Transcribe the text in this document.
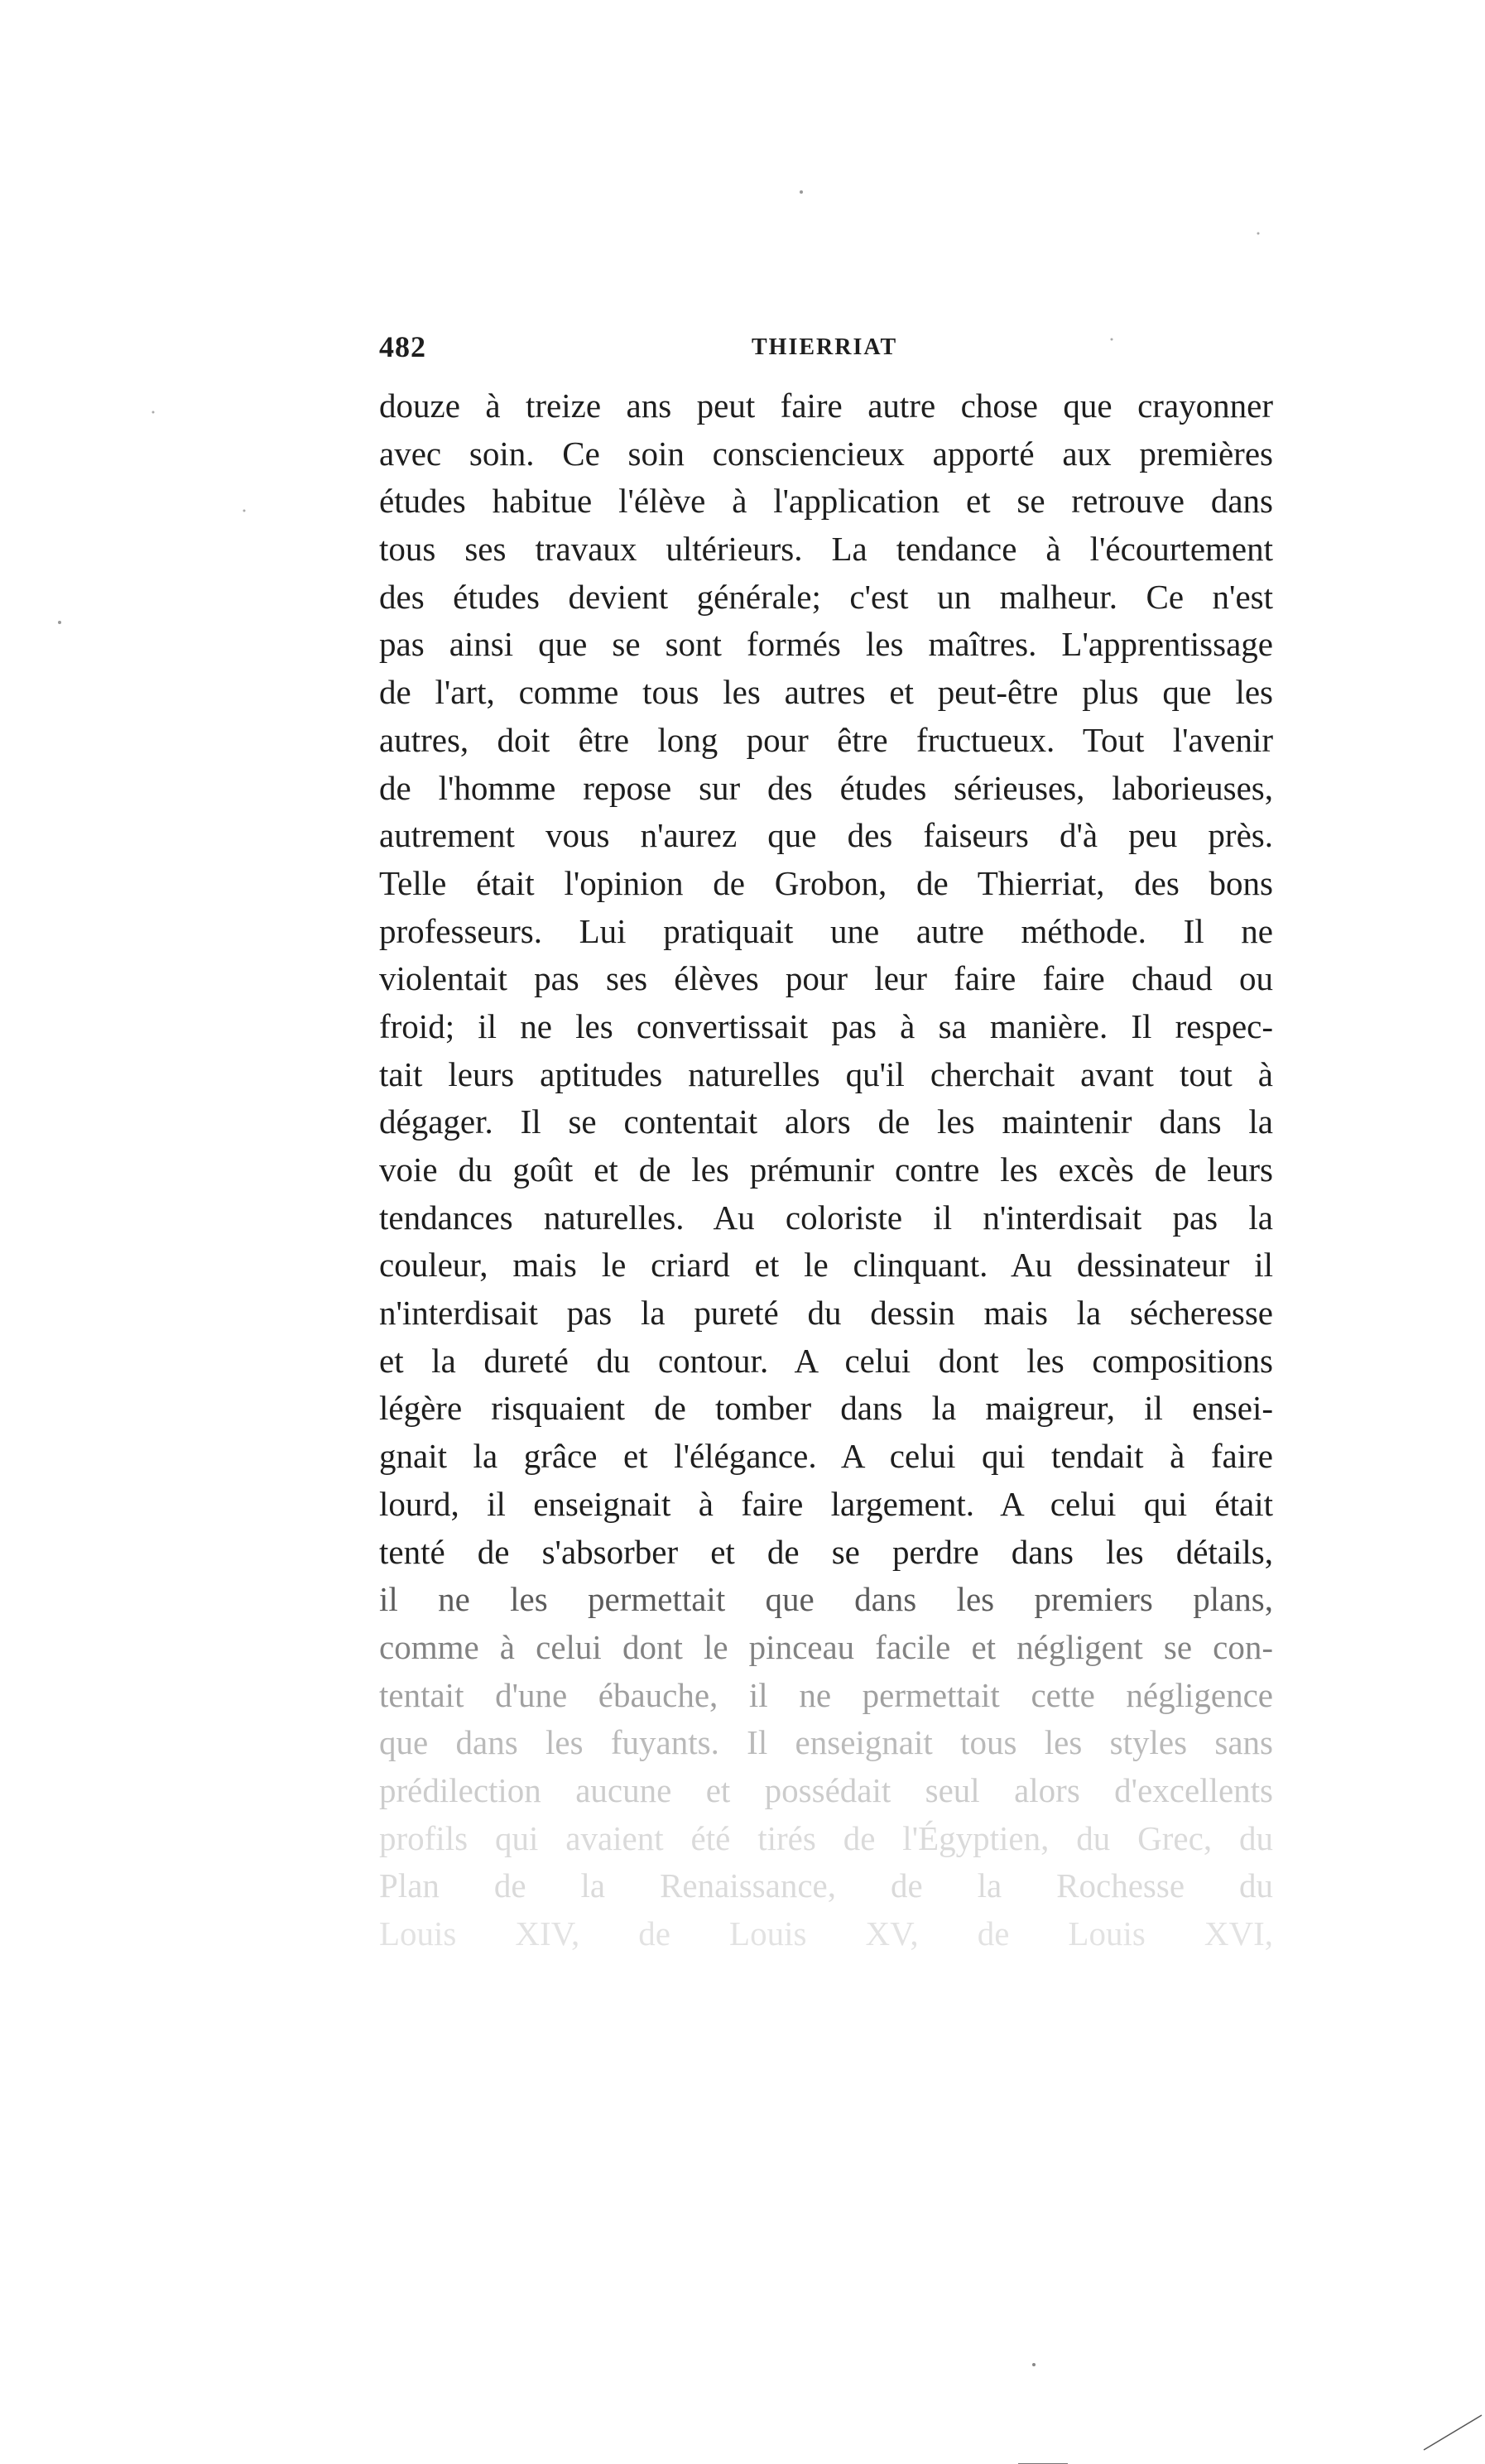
482	THIERRIAT
douze à treize ans peut faire autre chose que crayonner
avec soin. Ce soin consciencieux apporté aux premières
études habitue l'élève à l'application et se retrouve dans
tous ses travaux ultérieurs. La tendance à l'écourtement
des études devient générale; c'est un malheur. Ce n'est
pas ainsi que se sont formés les maîtres. L'apprentissage
de l'art, comme tous les autres et peut-être plus que les
autres, doit être long pour être fructueux. Tout l'avenir
de l'homme repose sur des études sérieuses, laborieuses,
autrement vous n'aurez que des faiseurs d'à peu près.
Telle était l'opinion de Grobon, de Thierriat, des bons
professeurs. Lui pratiquait une autre méthode. Il ne
violentait pas ses élèves pour leur faire faire chaud ou
froid; il ne les convertissait pas à sa manière. Il respec-
tait leurs aptitudes naturelles qu'il cherchait avant tout à
dégager. Il se contentait alors de les maintenir dans la
voie du goût et de les prémunir contre les excès de leurs
tendances naturelles. Au coloriste il n'interdisait pas la
couleur, mais le criard et le clinquant. Au dessinateur il
n'interdisait pas la pureté du dessin mais la sécheresse
et la dureté du contour. A celui dont les compositions
légère risquaient de tomber dans la maigreur, il ensei-
gnait la grâce et l'élégance. A celui qui tendait à faire
lourd, il enseignait à faire largement. A celui qui était
tenté de s'absorber et de se perdre dans les détails,
il ne les permettait que dans les premiers plans,
comme à celui dont le pinceau facile et négligent se con-
tentait d'une ébauche, il ne permettait cette négligence
que dans les fuyants. Il enseignait tous les styles sans
prédilection aucune et possédait seul alors d'excellents
profils qui avaient été tirés de l'Égyptien, du Grec, du
Plan de la Renaissance, de la Rochesse du
Louis XIV, de Louis XV, de Louis XVI,
